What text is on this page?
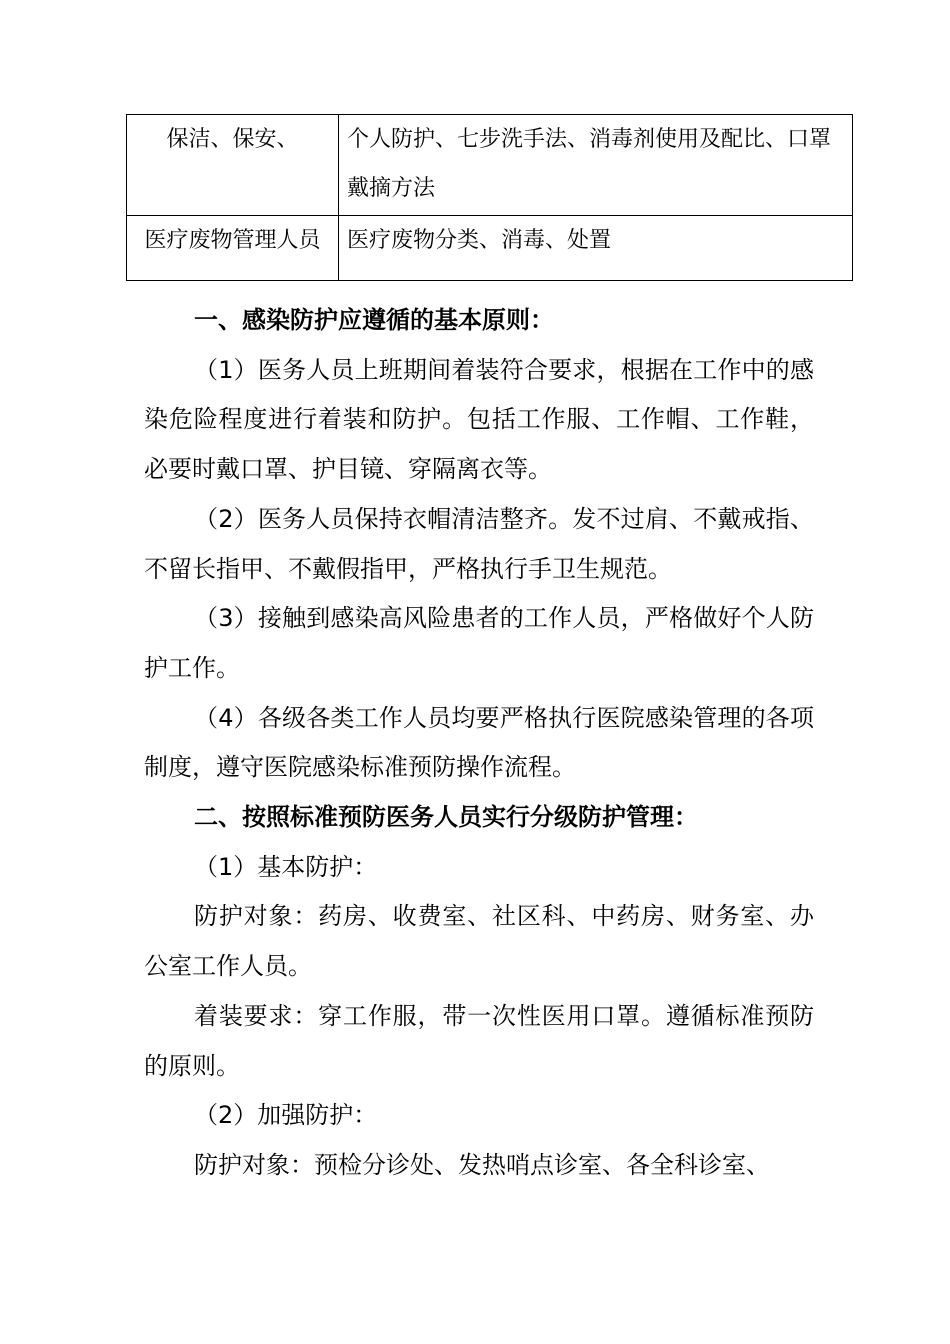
保洁、保安、	个人防护、七步洗手法、消毒剂使用及配比、口罩戴摘方法
医疗废物管理人员	医疗废物分类、消毒、处置

一、感染防护应遵循的基本原则：

（1）医务人员上班期间着装符合要求，根据在工作中的感染危险程度进行着装和防护。包括工作服、工作帽、工作鞋，必要时戴口罩、护目镜、穿隔离衣等。

（2）医务人员保持衣帽清洁整齐。发不过肩、不戴戒指、不留长指甲、不戴假指甲，严格执行手卫生规范。

（3）接触到感染高风险患者的工作人员，严格做好个人防护工作。

（4）各级各类工作人员均要严格执行医院感染管理的各项制度，遵守医院感染标准预防操作流程。

二、按照标准预防医务人员实行分级防护管理：

（1）基本防护：

防护对象：药房、收费室、社区科、中药房、财务室、办公室工作人员。

着装要求：穿工作服，带一次性医用口罩。遵循标准预防的原则。

（2）加强防护：

防护对象：预检分诊处、发热哨点诊室、各全科诊室、
